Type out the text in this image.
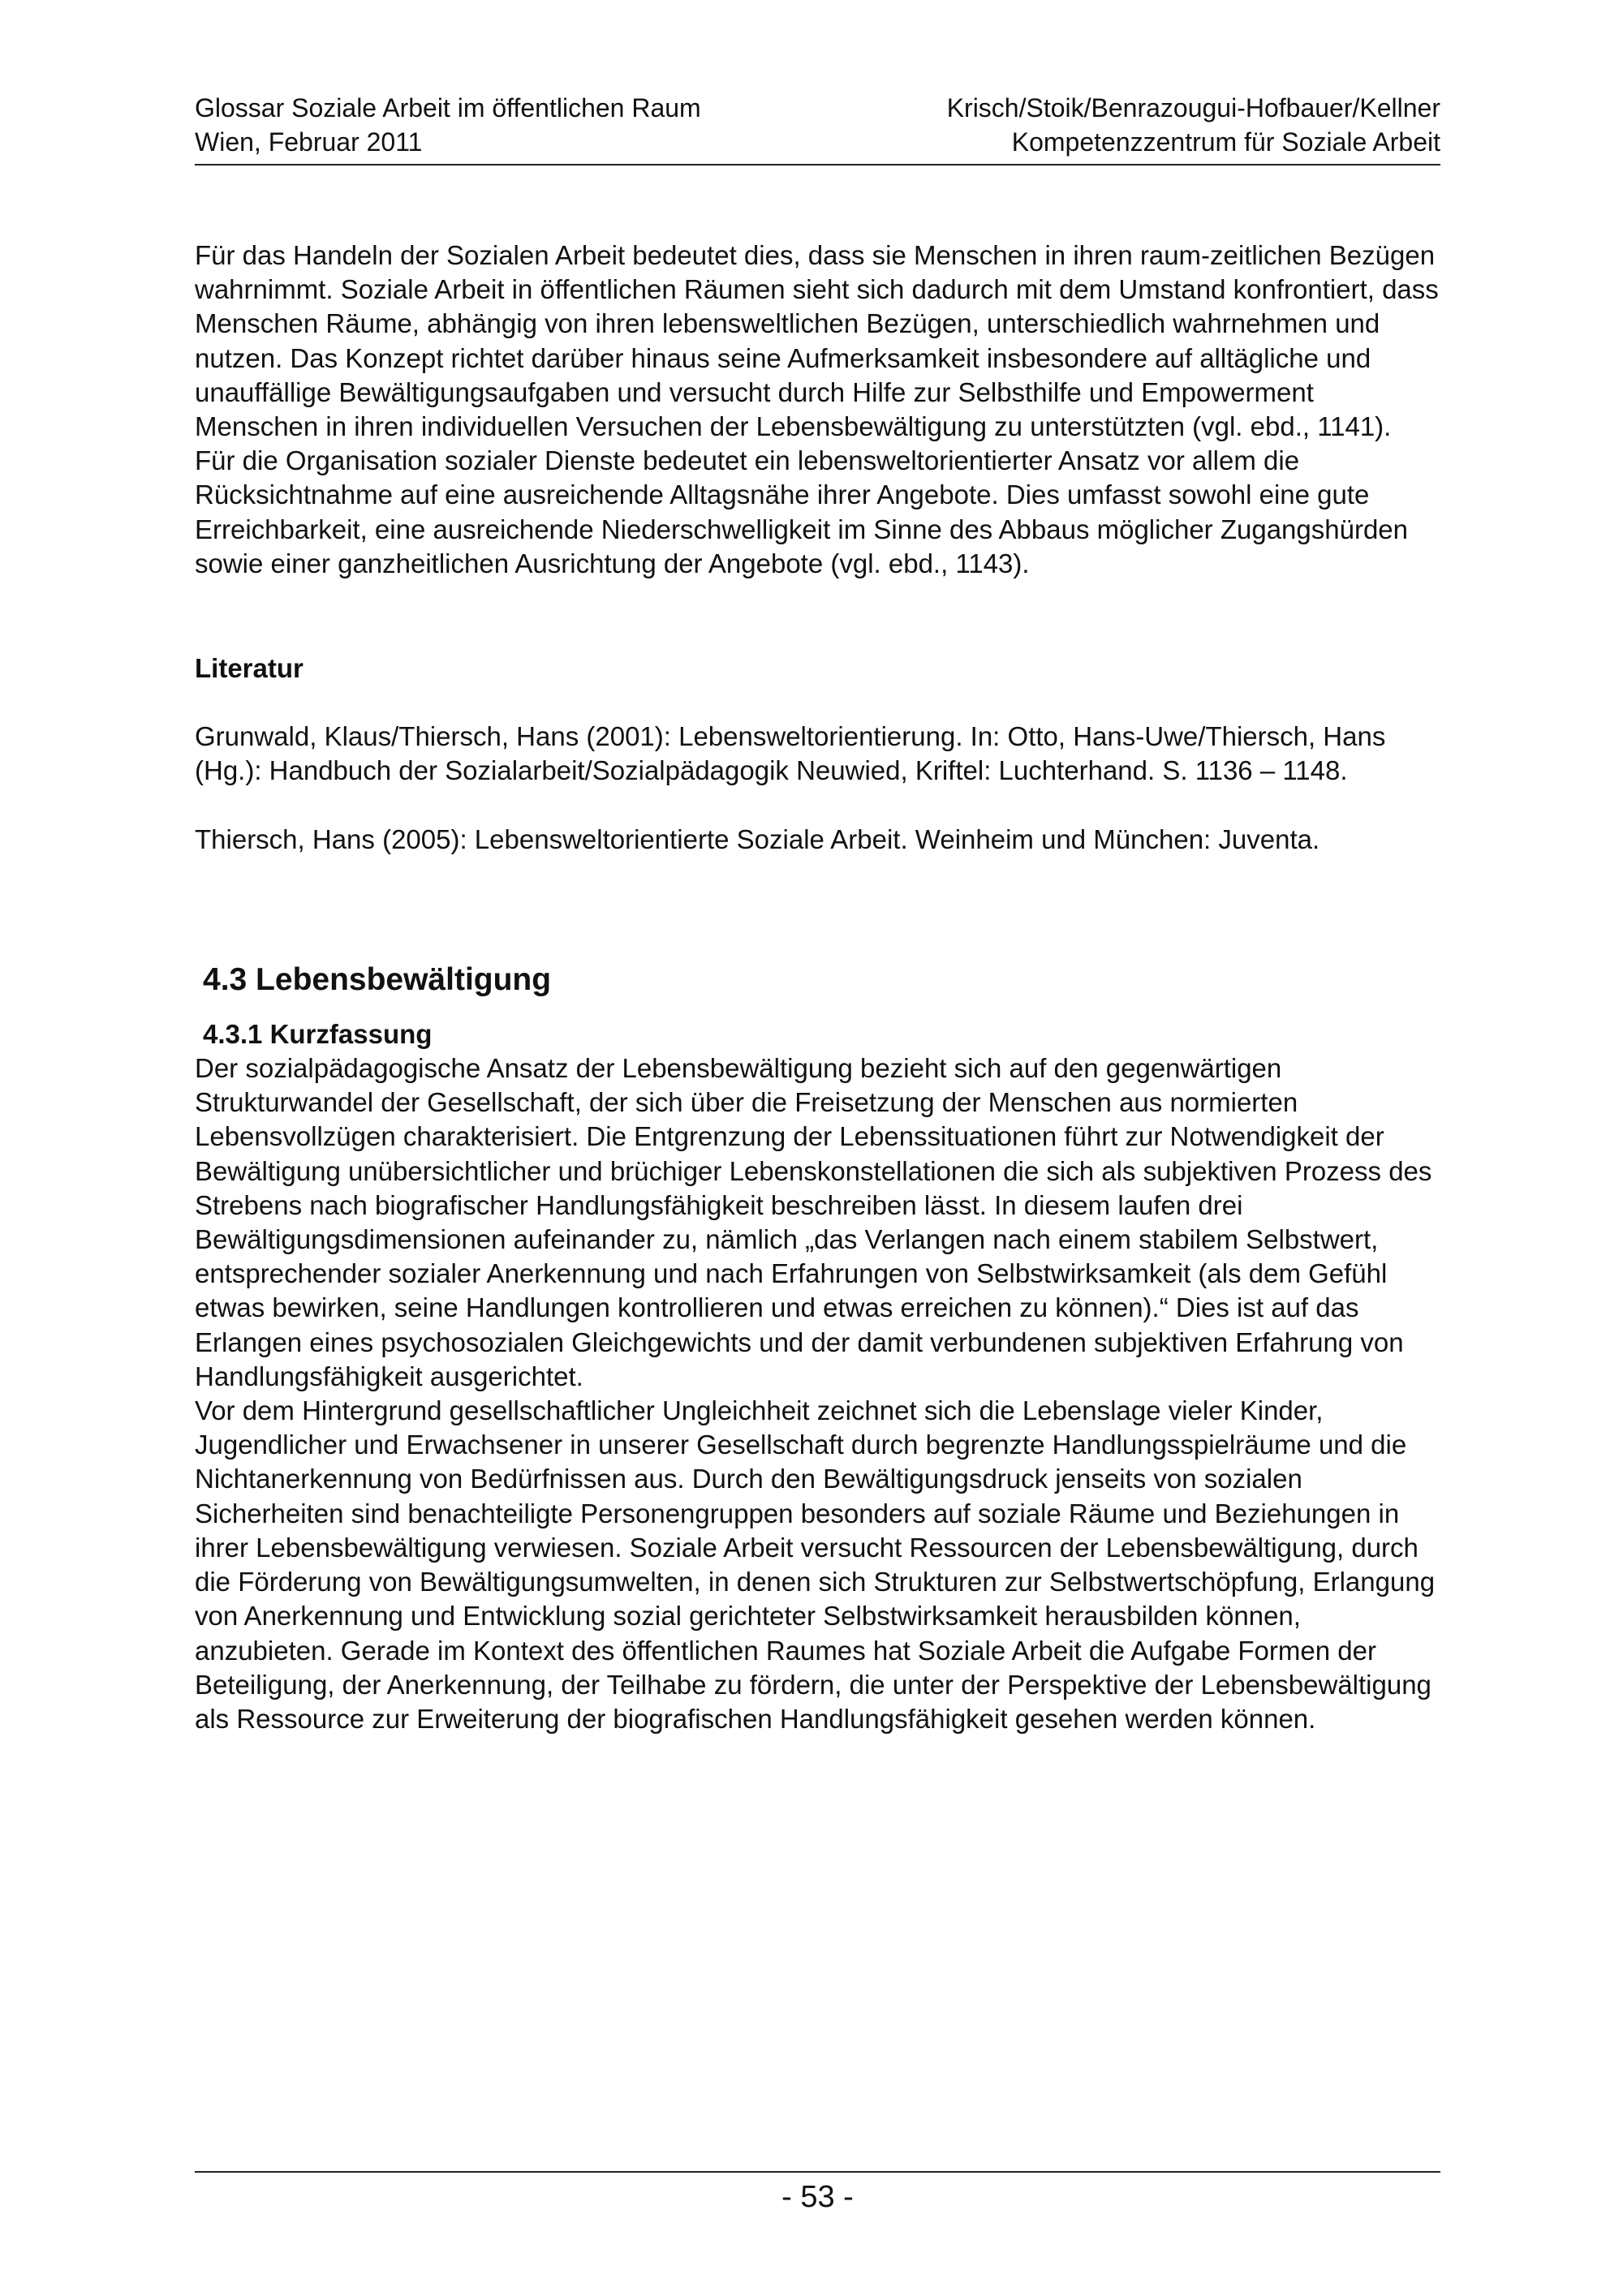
Glossar Soziale Arbeit im öffentlichen Raum	Krisch/Stoik/Benrazougui-Hofbauer/Kellner
Wien, Februar 2011	Kompetenzzentrum für Soziale Arbeit

Für das Handeln der Sozialen Arbeit bedeutet dies, dass sie Menschen in ihren raum-zeitlichen Bezügen wahrnimmt. Soziale Arbeit in öffentlichen Räumen sieht sich dadurch mit dem Umstand konfrontiert, dass Menschen Räume, abhängig von ihren lebensweltlichen Bezügen, unterschiedlich wahrnehmen und nutzen. Das Konzept richtet darüber hinaus seine Aufmerksamkeit insbesondere auf alltägliche und unauffällige Bewältigungsaufgaben und versucht durch Hilfe zur Selbsthilfe und Empowerment Menschen in ihren individuellen Versuchen der Lebensbewältigung zu unterstützten (vgl. ebd., 1141).

Für die Organisation sozialer Dienste bedeutet ein lebensweltorientierter Ansatz vor allem die Rücksichtnahme auf eine ausreichende Alltagsnähe ihrer Angebote. Dies umfasst sowohl eine gute Erreichbarkeit, eine ausreichende Niederschwelligkeit im Sinne des Abbaus möglicher Zugangshürden sowie einer ganzheitlichen Ausrichtung der Angebote (vgl. ebd., 1143).

Literatur

Grunwald, Klaus/Thiersch, Hans (2001): Lebensweltorientierung. In: Otto, Hans-Uwe/Thiersch, Hans (Hg.): Handbuch der Sozialarbeit/Sozialpädagogik Neuwied, Kriftel: Luchterhand. S. 1136 – 1148.

Thiersch, Hans (2005): Lebensweltorientierte Soziale Arbeit. Weinheim und München: Juventa.

4.3 Lebensbewältigung

4.3.1 Kurzfassung

Der sozialpädagogische Ansatz der Lebensbewältigung bezieht sich auf den gegenwärtigen Strukturwandel der Gesellschaft, der sich über die Freisetzung der Menschen aus normierten Lebensvollzügen charakterisiert. Die Entgrenzung der Lebenssituationen führt zur Notwendigkeit der Bewältigung unübersichtlicher und brüchiger Lebenskonstellationen die sich als subjektiven Prozess des Strebens nach biografischer Handlungsfähigkeit beschreiben lässt. In diesem laufen drei Bewältigungsdimensionen aufeinander zu, nämlich „das Verlangen nach einem stabilem Selbstwert, entsprechender sozialer Anerkennung und nach Erfahrungen von Selbstwirksamkeit (als dem Gefühl etwas bewirken, seine Handlungen kontrollieren und etwas erreichen zu können).“ Dies ist auf das Erlangen eines psychosozialen Gleichgewichts und der damit verbundenen subjektiven Erfahrung von Handlungsfähigkeit ausgerichtet.

Vor dem Hintergrund gesellschaftlicher Ungleichheit zeichnet sich die Lebenslage vieler Kinder, Jugendlicher und Erwachsener in unserer Gesellschaft durch begrenzte Handlungsspielräume und die Nichtanerkennung von Bedürfnissen aus. Durch den Bewältigungsdruck jenseits von sozialen Sicherheiten sind benachteiligte Personengruppen besonders auf soziale Räume und Beziehungen in ihrer Lebensbewältigung verwiesen. Soziale Arbeit versucht Ressourcen der Lebensbewältigung, durch die Förderung von Bewältigungsumwelten, in denen sich Strukturen zur Selbstwertschöpfung, Erlangung von Anerkennung und Entwicklung sozial gerichteter Selbstwirksamkeit herausbilden können, anzubieten. Gerade im Kontext des öffentlichen Raumes hat Soziale Arbeit die Aufgabe Formen der Beteiligung, der Anerkennung, der Teilhabe zu fördern, die unter der Perspektive der Lebensbewältigung als Ressource zur Erweiterung der biografischen Handlungsfähigkeit gesehen werden können.

- 53 -
